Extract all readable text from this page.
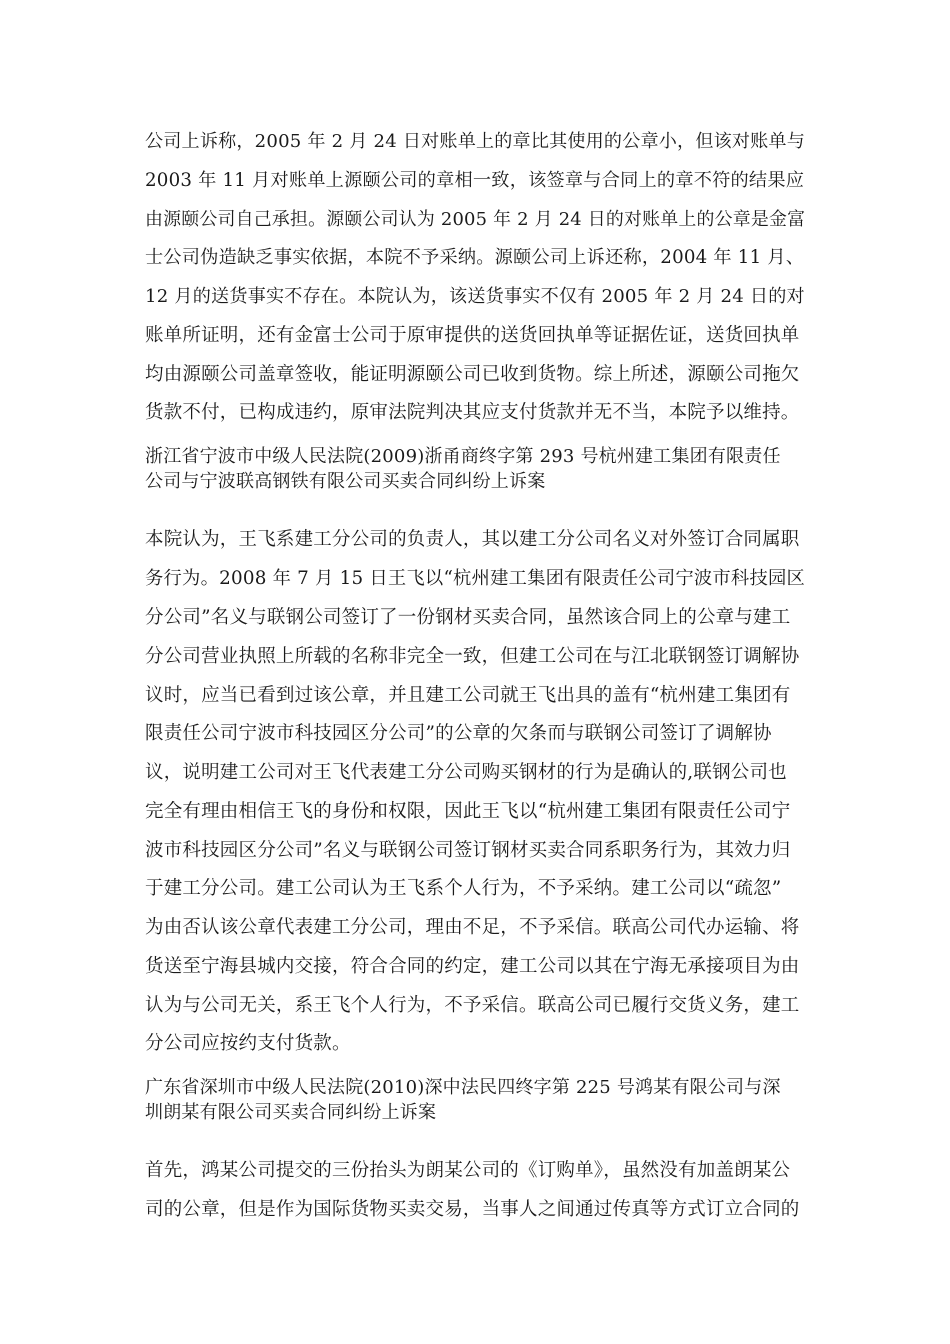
公司上诉称，2005 年 2 月 24 日对账单上的章比其使用的公章小，但该对账单与
2003 年 11 月对账单上源颐公司的章相一致，该签章与合同上的章不符的结果应
由源颐公司自己承担。源颐公司认为 2005 年 2 月 24 日的对账单上的公章是金富
士公司伪造缺乏事实依据，本院不予采纳。源颐公司上诉还称，2004 年 11 月、
12 月的送货事实不存在。本院认为，该送货事实不仅有 2005 年 2 月 24 日的对
账单所证明，还有金富士公司于原审提供的送货回执单等证据佐证，送货回执单
均由源颐公司盖章签收，能证明源颐公司已收到货物。综上所述，源颐公司拖欠
货款不付，已构成违约，原审法院判决其应支付货款并无不当，本院予以维持。
浙江省宁波市中级人民法院(2009)浙甬商终字第 293 号杭州建工集团有限责任
公司与宁波联高钢铁有限公司买卖合同纠纷上诉案
本院认为，王飞系建工分公司的负责人，其以建工分公司名义对外签订合同属职
务行为。2008 年 7 月 15 日王飞以“杭州建工集团有限责任公司宁波市科技园区
分公司”名义与联钢公司签订了一份钢材买卖合同，虽然该合同上的公章与建工
分公司营业执照上所载的名称非完全一致，但建工公司在与江北联钢签订调解协
议时，应当已看到过该公章，并且建工公司就王飞出具的盖有“杭州建工集团有
限责任公司宁波市科技园区分公司”的公章的欠条而与联钢公司签订了调解协
议，说明建工公司对王飞代表建工分公司购买钢材的行为是确认的,联钢公司也
完全有理由相信王飞的身份和权限，因此王飞以“杭州建工集团有限责任公司宁
波市科技园区分公司”名义与联钢公司签订钢材买卖合同系职务行为，其效力归
于建工分公司。建工公司认为王飞系个人行为，不予采纳。建工公司以“疏忽”
为由否认该公章代表建工分公司，理由不足，不予采信。联高公司代办运输、将
货送至宁海县城内交接，符合合同的约定，建工公司以其在宁海无承接项目为由
认为与公司无关，系王飞个人行为，不予采信。联高公司已履行交货义务，建工
分公司应按约支付货款。
广东省深圳市中级人民法院(2010)深中法民四终字第 225 号鸿某有限公司与深
圳朗某有限公司买卖合同纠纷上诉案
首先，鸿某公司提交的三份抬头为朗某公司的《订购单》，虽然没有加盖朗某公
司的公章，但是作为国际货物买卖交易，当事人之间通过传真等方式订立合同的
